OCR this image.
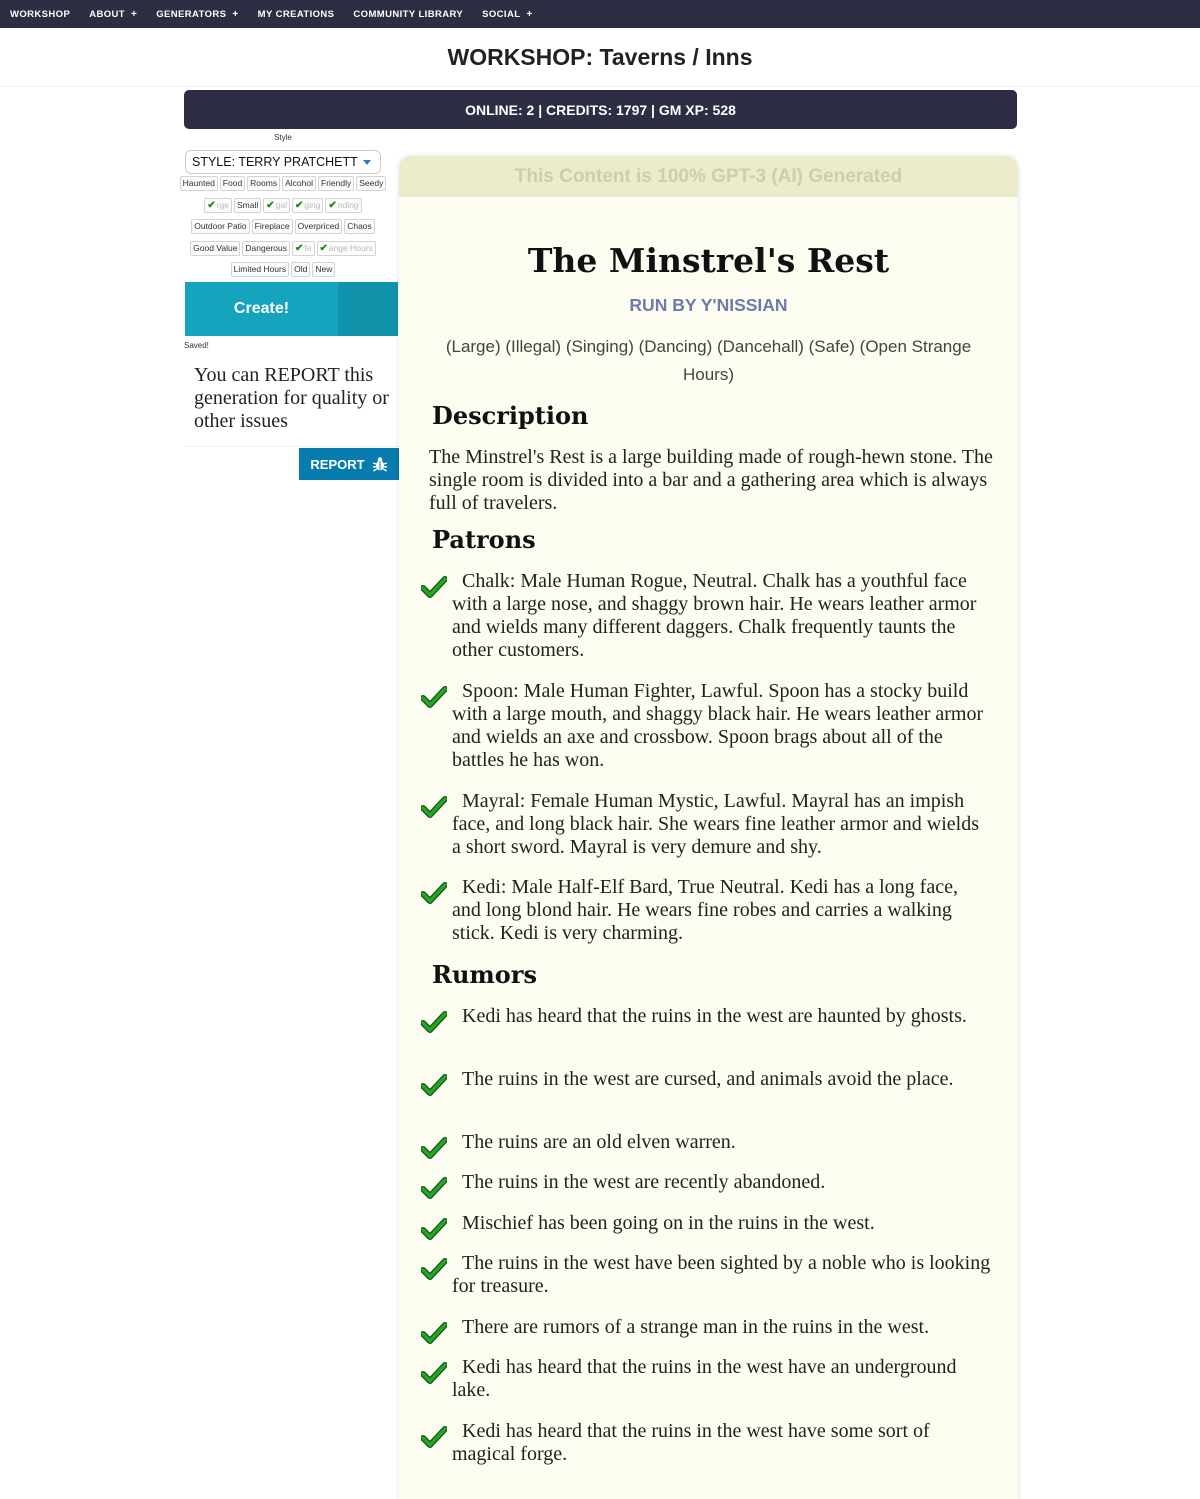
WORKSHOP ABOUT + GENERATORS + MY CREATIONS COMMUNITY LIBRARY SOCIAL +
WORKSHOP: Taverns / Inns
ONLINE: 2 | CREDITS: 1797 | GM XP: 528
Style
STYLE: TERRY PRATCHETT
Haunted Food Rooms Alcohol Friendly Seedy
✔rge Small ✔gal ✔ging ✔nding
Outdoor Patio Fireplace Overpriced Chaos
Good Value Dangerous ✔fe ✔ange Hours
Limited Hours Old New
Create!
Saved!
You can REPORT this generation for quality or other issues
REPORT
This Content is 100% GPT-3 (AI) Generated
The Minstrel's Rest
RUN BY Y'NISSIAN
(Large) (Illegal) (Singing) (Dancing) (Dancehall) (Safe) (Open Strange Hours)
Description
The Minstrel's Rest is a large building made of rough-hewn stone. The single room is divided into a bar and a gathering area which is always full of travelers.
Patrons
Chalk: Male Human Rogue, Neutral. Chalk has a youthful face with a large nose, and shaggy brown hair. He wears leather armor and wields many different daggers. Chalk frequently taunts the other customers.
Spoon: Male Human Fighter, Lawful. Spoon has a stocky build with a large mouth, and shaggy black hair. He wears leather armor and wields an axe and crossbow. Spoon brags about all of the battles he has won.
Mayral: Female Human Mystic, Lawful. Mayral has an impish face, and long black hair. She wears fine leather armor and wields a short sword. Mayral is very demure and shy.
Kedi: Male Half-Elf Bard, True Neutral. Kedi has a long face, and long blond hair. He wears fine robes and carries a walking stick. Kedi is very charming.
Rumors
Kedi has heard that the ruins in the west are haunted by ghosts.
The ruins in the west are cursed, and animals avoid the place.
The ruins are an old elven warren.
The ruins in the west are recently abandoned.
Mischief has been going on in the ruins in the west.
The ruins in the west have been sighted by a noble who is looking for treasure.
There are rumors of a strange man in the ruins in the west.
Kedi has heard that the ruins in the west have an underground lake.
Kedi has heard that the ruins in the west have some sort of magical forge.
